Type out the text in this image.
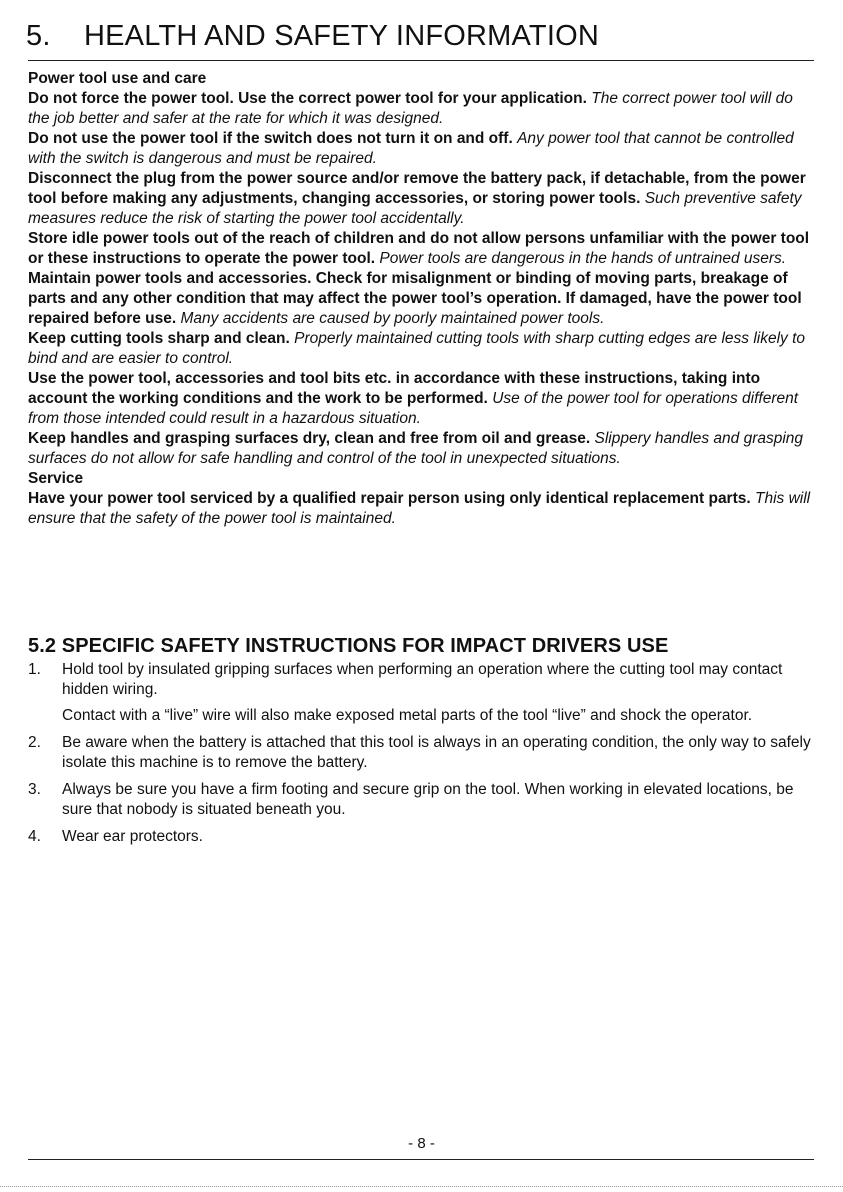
5. HEALTH AND SAFETY INFORMATION

Power tool use and care

Do not force the power tool. Use the correct power tool for your application. The correct power tool will do the job better and safer at the rate for which it was designed.

Do not use the power tool if the switch does not turn it on and off. Any power tool that cannot be controlled with the switch is dangerous and must be repaired.

Disconnect the plug from the power source and/or remove the battery pack, if detachable, from the power tool before making any adjustments, changing accessories, or storing power tools. Such preventive safety measures reduce the risk of starting the power tool accidentally.

Store idle power tools out of the reach of children and do not allow persons unfamiliar with the power tool or these instructions to operate the power tool. Power tools are dangerous in the hands of untrained users.

Maintain power tools and accessories. Check for misalignment or binding of moving parts, breakage of parts and any other condition that may affect the power tool’s operation. If damaged, have the power tool repaired before use. Many accidents are caused by poorly maintained power tools.

Keep cutting tools sharp and clean. Properly maintained cutting tools with sharp cutting edges are less likely to bind and are easier to control.

Use the power tool, accessories and tool bits etc. in accordance with these instructions, taking into account the working conditions and the work to be performed. Use of the power tool for operations different from those intended could result in a hazardous situation.

Keep handles and grasping surfaces dry, clean and free from oil and grease. Slippery handles and grasping surfaces do not allow for safe handling and control of the tool in unexpected situations.

Service

Have your power tool serviced by a qualified repair person using only identical replacement parts. This will ensure that the safety of the power tool is maintained.

5.2 SPECIFIC SAFETY INSTRUCTIONS FOR IMPACT DRIVERS USE
1. Hold tool by insulated gripping surfaces when performing an operation where the cutting tool may contact hidden wiring.
Contact with a “live” wire will also make exposed metal parts of the tool “live” and shock the operator.
2. Be aware when the battery is attached that this tool is always in an operating condition, the only way to safely isolate this machine is to remove the battery.
3. Always be sure you have a firm footing and secure grip on the tool. When working in elevated locations, be sure that nobody is situated beneath you.
4. Wear ear protectors.
- 8 -
